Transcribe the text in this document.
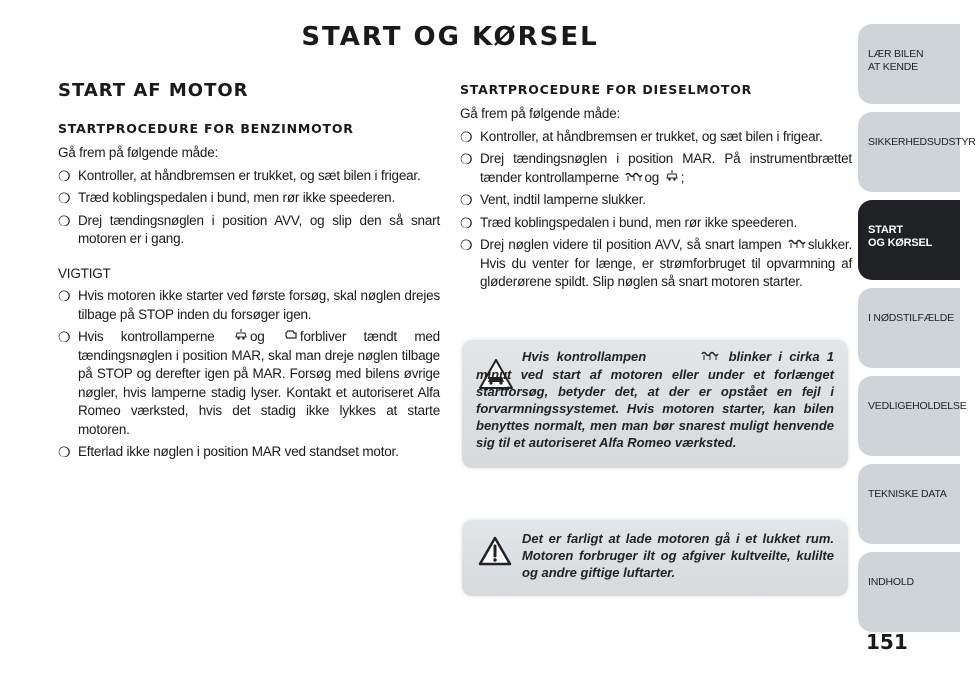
START OG KØRSEL
START AF MOTOR
STARTPROCEDURE FOR BENZINMOTOR
Gå frem på følgende måde:
❍ Kontroller, at håndbremsen er trukket, og sæt bilen i frigear.
❍ Træd koblingspedalen i bund, men rør ikke speederen.
❍ Drej tændingsnøglen i position AVV, og slip den så snart motoren er i gang.
VIGTIGT
❍ Hvis motoren ikke starter ved første forsøg, skal nøglen drejes tilbage på STOP inden du forsøger igen.
❍ Hvis kontrollamperne	og	forbliver tændt med tændingsnøglen i position MAR, skal man dreje nøglen tilbage på STOP og derefter igen på MAR. Forsøg med bilens øvrige nøgler, hvis lamperne stadig lyser. Kontakt et autoriseret Alfa Romeo værksted, hvis det stadig ikke lykkes at starte motoren.
❍ Efterlad ikke nøglen i position MAR ved standset motor.
STARTPROCEDURE FOR DIESELMOTOR
Gå frem på følgende måde:
❍ Kontroller, at håndbremsen er trukket, og sæt bilen i frigear.
❍ Drej tændingsnøglen i position MAR. På instrumentbrættet tænder kontrollamperne og ;
❍ Vent, indtil lamperne slukker.
❍ Træd koblingspedalen i bund, men rør ikke speederen.
❍ Drej nøglen videre til position AVV, så snart lampen slukker. Hvis du venter for længe, er strømforbruget til opvarmning af gløderørene spildt. Slip nøglen så snart motoren starter.
Hvis kontrollampen	blinker i cirka 1 minut ved start af motoren eller under et forlænget startforsøg, betyder det, at der er opstået en fejl i forvarmningssystemet. Hvis motoren starter, kan bilen benyttes normalt, men man bør snarest muligt henvende sig til et autoriseret Alfa Romeo værksted.
Det er farligt at lade motoren gå i et lukket rum. Motoren forbruger ilt og afgiver kultveilte, kulilte og andre giftige luftarter.
LÆR BILEN
AT KENDE
SIKKERHEDSUDSTYR
START
OG KØRSEL
I NØDSTILFÆLDE
VEDLIGEHOLDELSE
TEKNISKE DATA
INDHOLD
151
